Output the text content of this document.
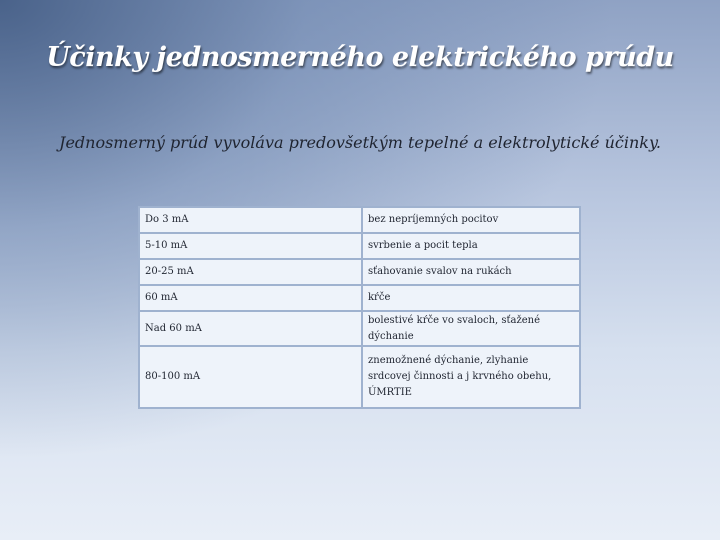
Účinky jednosmerného elektrického prúdu
Jednosmerný prúd vyvoláva predovšetkým tepelné a elektrolytické účinky.
Do 3 mA	bez nepríjemných pocitov
5-10 mA	svrbenie a pocit tepla
20-25 mA	sťahovanie svalov na rukách
60 mA	kŕče
Nad 60 mA	bolestivé kŕče vo svaloch, sťažené dýchanie
80-100 mA	znemožnené dýchanie, zlyhanie srdcovej činnosti a j krvného obehu, ÚMRTIE
